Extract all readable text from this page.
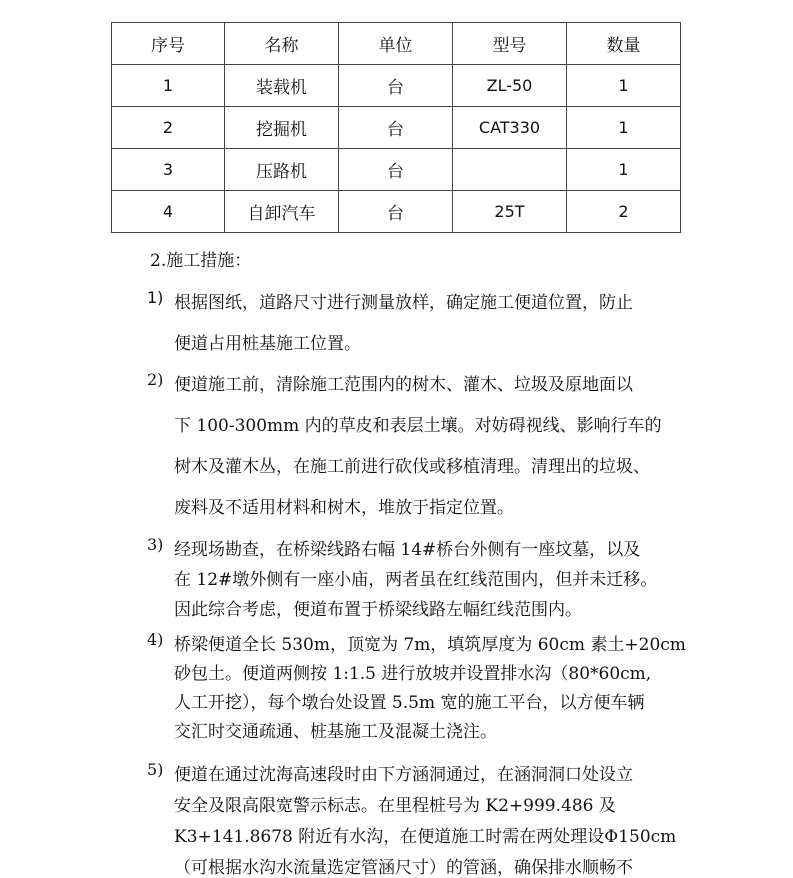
序号	名称	单位	型号	数量
1	装载机	台	ZL-50	1
2	挖掘机	台	CAT330	1
3	压路机	台		1
4	自卸汽车	台	25T	2
2.施工措施：
1) 根据图纸，道路尺寸进行测量放样，确定施工便道位置，防止
便道占用桩基施工位置。
2) 便道施工前，清除施工范围内的树木、灌木、垃圾及原地面以
下 100-300mm 内的草皮和表层土壤。对妨碍视线、影响行车的
树木及灌木丛，在施工前进行砍伐或移植清理。清理出的垃圾、
废料及不适用材料和树木，堆放于指定位置。
3) 经现场勘查，在桥梁线路右幅 14#桥台外侧有一座坟墓，以及
在 12#墩外侧有一座小庙，两者虽在红线范围内，但并未迁移。
因此综合考虑，便道布置于桥梁线路左幅红线范围内。
4) 桥梁便道全长 530m，顶宽为 7m，填筑厚度为 60cm 素土+20cm
砂包土。便道两侧按 1:1.5 进行放坡并设置排水沟（80*60cm,
人工开挖），每个墩台处设置 5.5m 宽的施工平台，以方便车辆
交汇时交通疏通、桩基施工及混凝土浇注。
5) 便道在通过沈海高速段时由下方涵洞通过，在涵洞洞口处设立
安全及限高限宽警示标志。在里程桩号为 K2+999.486 及
K3+141.8678 附近有水沟，在便道施工时需在两处理设Φ150cm
（可根据水沟水流量选定管涵尺寸）的管涵，确保排水顺畅不
